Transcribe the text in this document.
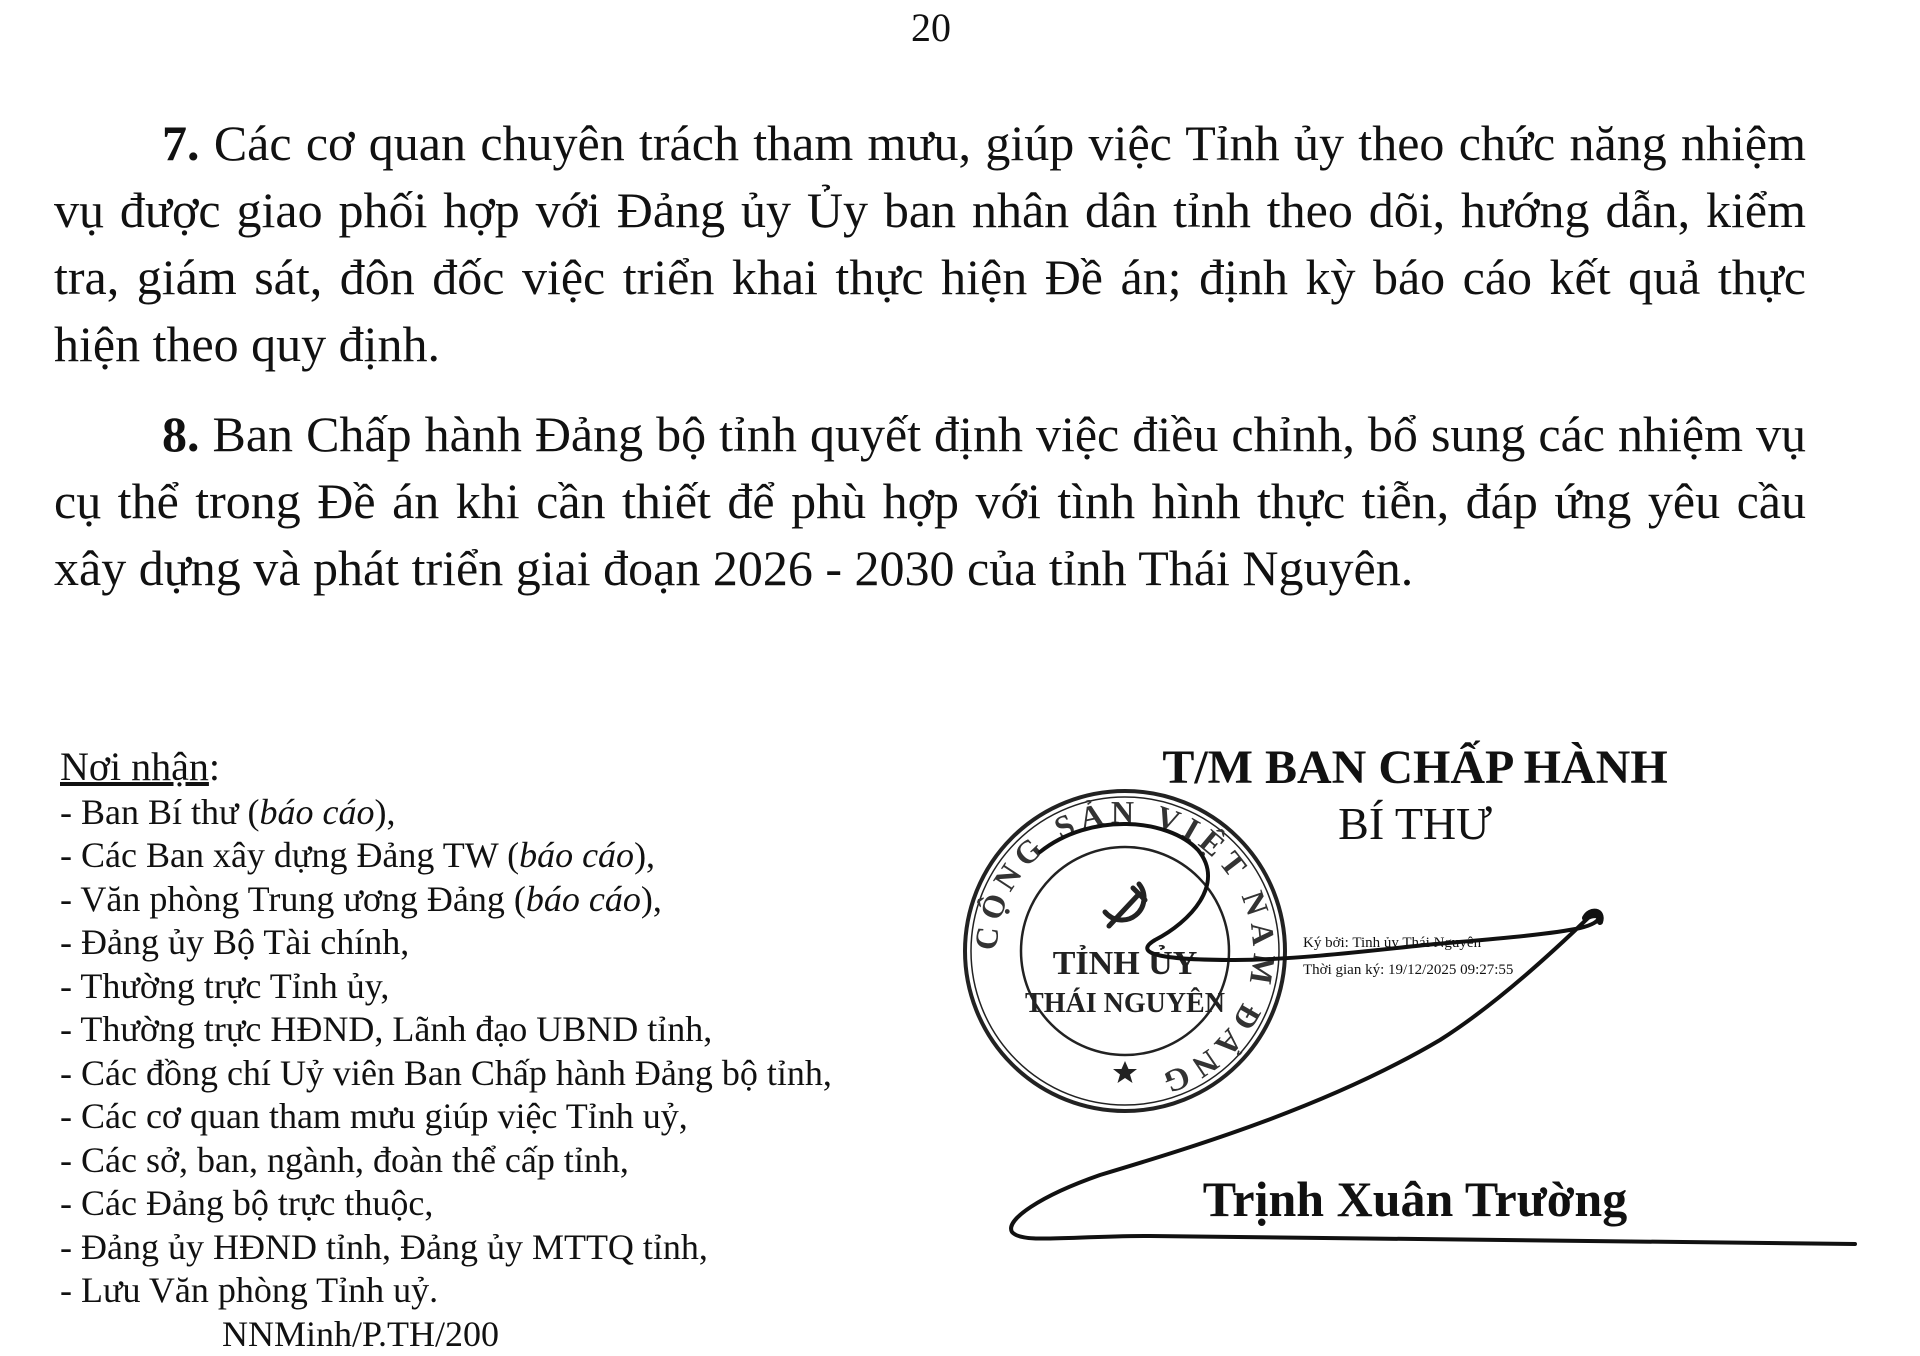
20

7. Các cơ quan chuyên trách tham mưu, giúp việc Tỉnh ủy theo chức năng nhiệm vụ được giao phối hợp với Đảng ủy Ủy ban nhân dân tỉnh theo dõi, hướng dẫn, kiểm tra, giám sát, đôn đốc việc triển khai thực hiện Đề án; định kỳ báo cáo kết quả thực hiện theo quy định.

8. Ban Chấp hành Đảng bộ tỉnh quyết định việc điều chỉnh, bổ sung các nhiệm vụ cụ thể trong Đề án khi cần thiết để phù hợp với tình hình thực tiễn, đáp ứng yêu cầu xây dựng và phát triển giai đoạn 2026 - 2030 của tỉnh Thái Nguyên.

Nơi nhận:
- Ban Bí thư (báo cáo),
- Các Ban xây dựng Đảng TW (báo cáo),
- Văn phòng Trung ương Đảng (báo cáo),
- Đảng ủy Bộ Tài chính,
- Thường trực Tỉnh ủy,
- Thường trực HĐND, Lãnh đạo UBND tỉnh,
- Các đồng chí Uỷ viên Ban Chấp hành Đảng bộ tỉnh,
- Các cơ quan tham mưu giúp việc Tỉnh uỷ,
- Các sở, ban, ngành, đoàn thể cấp tỉnh,
- Các Đảng bộ trực thuộc,
- Đảng ủy HĐND tỉnh, Đảng ủy MTTQ tỉnh,
- Lưu Văn phòng Tỉnh uỷ.
NNMinh/P.TH/200
CỘNG SẢN VIỆT NAM ĐẢNG
TỈNH ỦY
THÁI NGUYÊN
Ký bởi: Tinh ủy Thái Nguyên
Thời gian ký: 19/12/2025 09:27:55
T/M BAN CHẤP HÀNH
BÍ THƯ
Trịnh Xuân Trường
